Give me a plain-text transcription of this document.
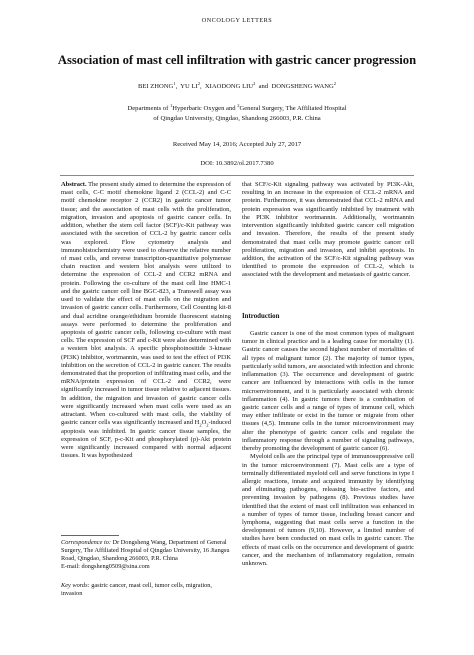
ONCOLOGY LETTERS
Association of mast cell infiltration with gastric cancer progression
BEI ZHONG$^1$,  YU $LI^2$,  XIAODONG LIU$^2$  and  DONGSHENG WANG$^2$
Departments of $^1$Hyperbaric Oxygen and $^2$General Surgery, The Affiliated Hospital
of Qingdao University, Qingdao, Shandong 266003, P.R. China
Received May 14, 2016; Accepted July 27, 2017
DOI: 10.3892/ol.2017.7380

Abstract. The present study aimed to determine the expression of mast cells, C-C motif chemokine ligand 2 (CCL-2) and C-C motif chemokine receptor 2 (CCR2) in gastric cancer tumor tissue; and the association of mast cells with the proliferation, migration, invasion and apoptosis of gastric cancer cells. In addition, whether the stem cell factor (SCF)/c-Kit pathway was associated with the secretion of CCL-2 by gastric cancer cells was explored. Flow cytometry analysis and immunohistochemistry were used to observe the relative number of mast cells, and reverse transcription-quantitative polymerase chain reaction and western blot analysis were utilized to determine the expression of CCL-2 and CCR2 mRNA and protein. Following the co-culture of the mast cell line HMC-1 and the gastric cancer cell line BGC-823, a Transwell assay was used to validate the effect of mast cells on the migration and invasion of gastric cancer cells. Furthermore, Cell Counting kit-8 and dual acridine orange/ethidium bromide fluorescent staining assays were performed to determine the proliferation and apoptosis of gastric cancer cells, following co-culture with mast cells. The expression of SCF and c-Kit were also determined with a western blot analysis. A specific phosphoinositide 3-kinase (PI3K) inhibitor, wortmannin, was used to test the effect of PI3K inhibition on the secretion of CCL-2 in gastric cancer. The results demonstrated that the proportion of infiltrating mast cells, and the mRNA/protein expression of CCL-2 and CCR2, were significantly increased in tumor tissue relative to adjacent tissues. In addition, the migration and invasion of gastric cancer cells were significantly increased when mast cells were used as an attractant. When co-cultured with mast cells, the viability of gastric cancer cells was significantly increased and $H_2O_2$-induced apoptosis was inhibited. In gastric cancer tissue samples, the expression of SCF, p-c-Kit and phosphorylated (p)-Akt protein were significantly increased compared with normal adjacent tissues. It was hypothesized

that SCF/c-Kit signaling pathway was activated by PI3K-Akt, resulting in an increase in the expression of CCL-2 mRNA and protein. Furthermore, it was demonstrated that CCL-2 mRNA and protein expression was significantly inhibited by treatment with the PI3K inhibitor wortmannin. Additionally, wortmannin intervention significantly inhibited gastric cancer cell migration and invasion. Therefore, the results of the present study demonstrated that mast cells may promote gastric cancer cell proliferation, migration and invasion, and inhibit apoptosis. In addition, the activation of the SCF/c-Kit signaling pathway was identified to promote the expression of CCL-2, which is associated with the development and metastasis of gastric cancer.

Introduction

Gastric cancer is one of the most common types of malignant tumor in clinical practice and is a leading cause for mortality (1). Gastric cancer causes the second highest number of mortalities of all types of malignant tumor (2). The majority of tumor types, particularly solid tumors, are associated with infection and chronic inflammation (3). The occurrence and development of gastric cancer are influenced by interactions with cells in the tumor microenvironment, and it is particularly associated with chronic inflammation (4). In gastric tumors there is a combination of gastric cancer cells and a range of types of immune cell, which may either infiltrate or exist in the tumor or migrate from other tissues (4,5). Immune cells in the tumor microenvironment may alter the phenotype of gastric cancer cells and regulate the inflammatory response through a number of signaling pathways, thereby promoting the development of gastric cancer (6).

Myeloid cells are the principal type of immunosuppressive cell in the tumor microenvironment (7). Mast cells are a type of terminally differentiated myeloid cell and serve functions in type I allergic reactions, innate and acquired immunity by identifying and eliminating pathogens, releasing bio-active factors, and preventing invasion by pathogens (8). Previous studies have identified that the extent of mast cell infiltration was enhanced in a number of types of tumor tissue, including breast cancer and lymphoma, suggesting that mast cells serve a function in the development of tumors (9,10). However, a limited number of studies have been conducted on mast cells in gastric cancer. The effects of mast cells on the occurrence and development of gastric cancer, and the mechanism of inflammatory regulation, remain unknown.

Correspondence to: Dr Dongsheng Wang, Department of General Surgery, The Affiliated Hospital of Qingdao University, 16 Jiangsu Road, Qingdao, Shandong 266003, P.R. China
E-mail: dongsheng0509@sina.com
Key words: gastric cancer, mast cell, tumor cells, migration, invasion
